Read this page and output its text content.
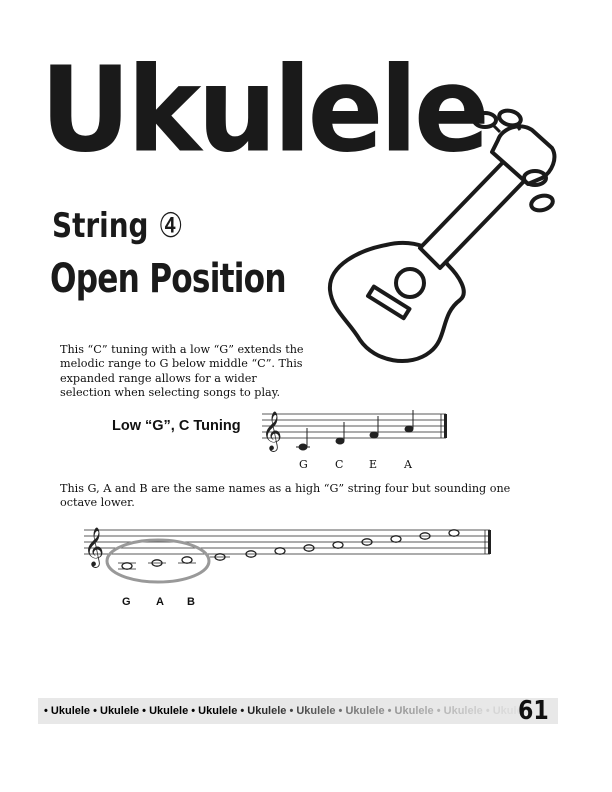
Ukulele
String ④
Open Position
This “C” tuning with a low “G” extends the melodic range to G below middle “C”. This expanded range allows for a wider selection when selecting songs to play.
Low “G”, C Tuning 𝄞
G C E A
This G, A and B are the same names as a high “G” string four but sounding one octave lower.
𝄞
G A B
• Ukulele • Ukulele • Ukulele • Ukulele • Ukulele • Ukulele • Ukulele • Ukulele • Ukulele • Ukulele •
61
